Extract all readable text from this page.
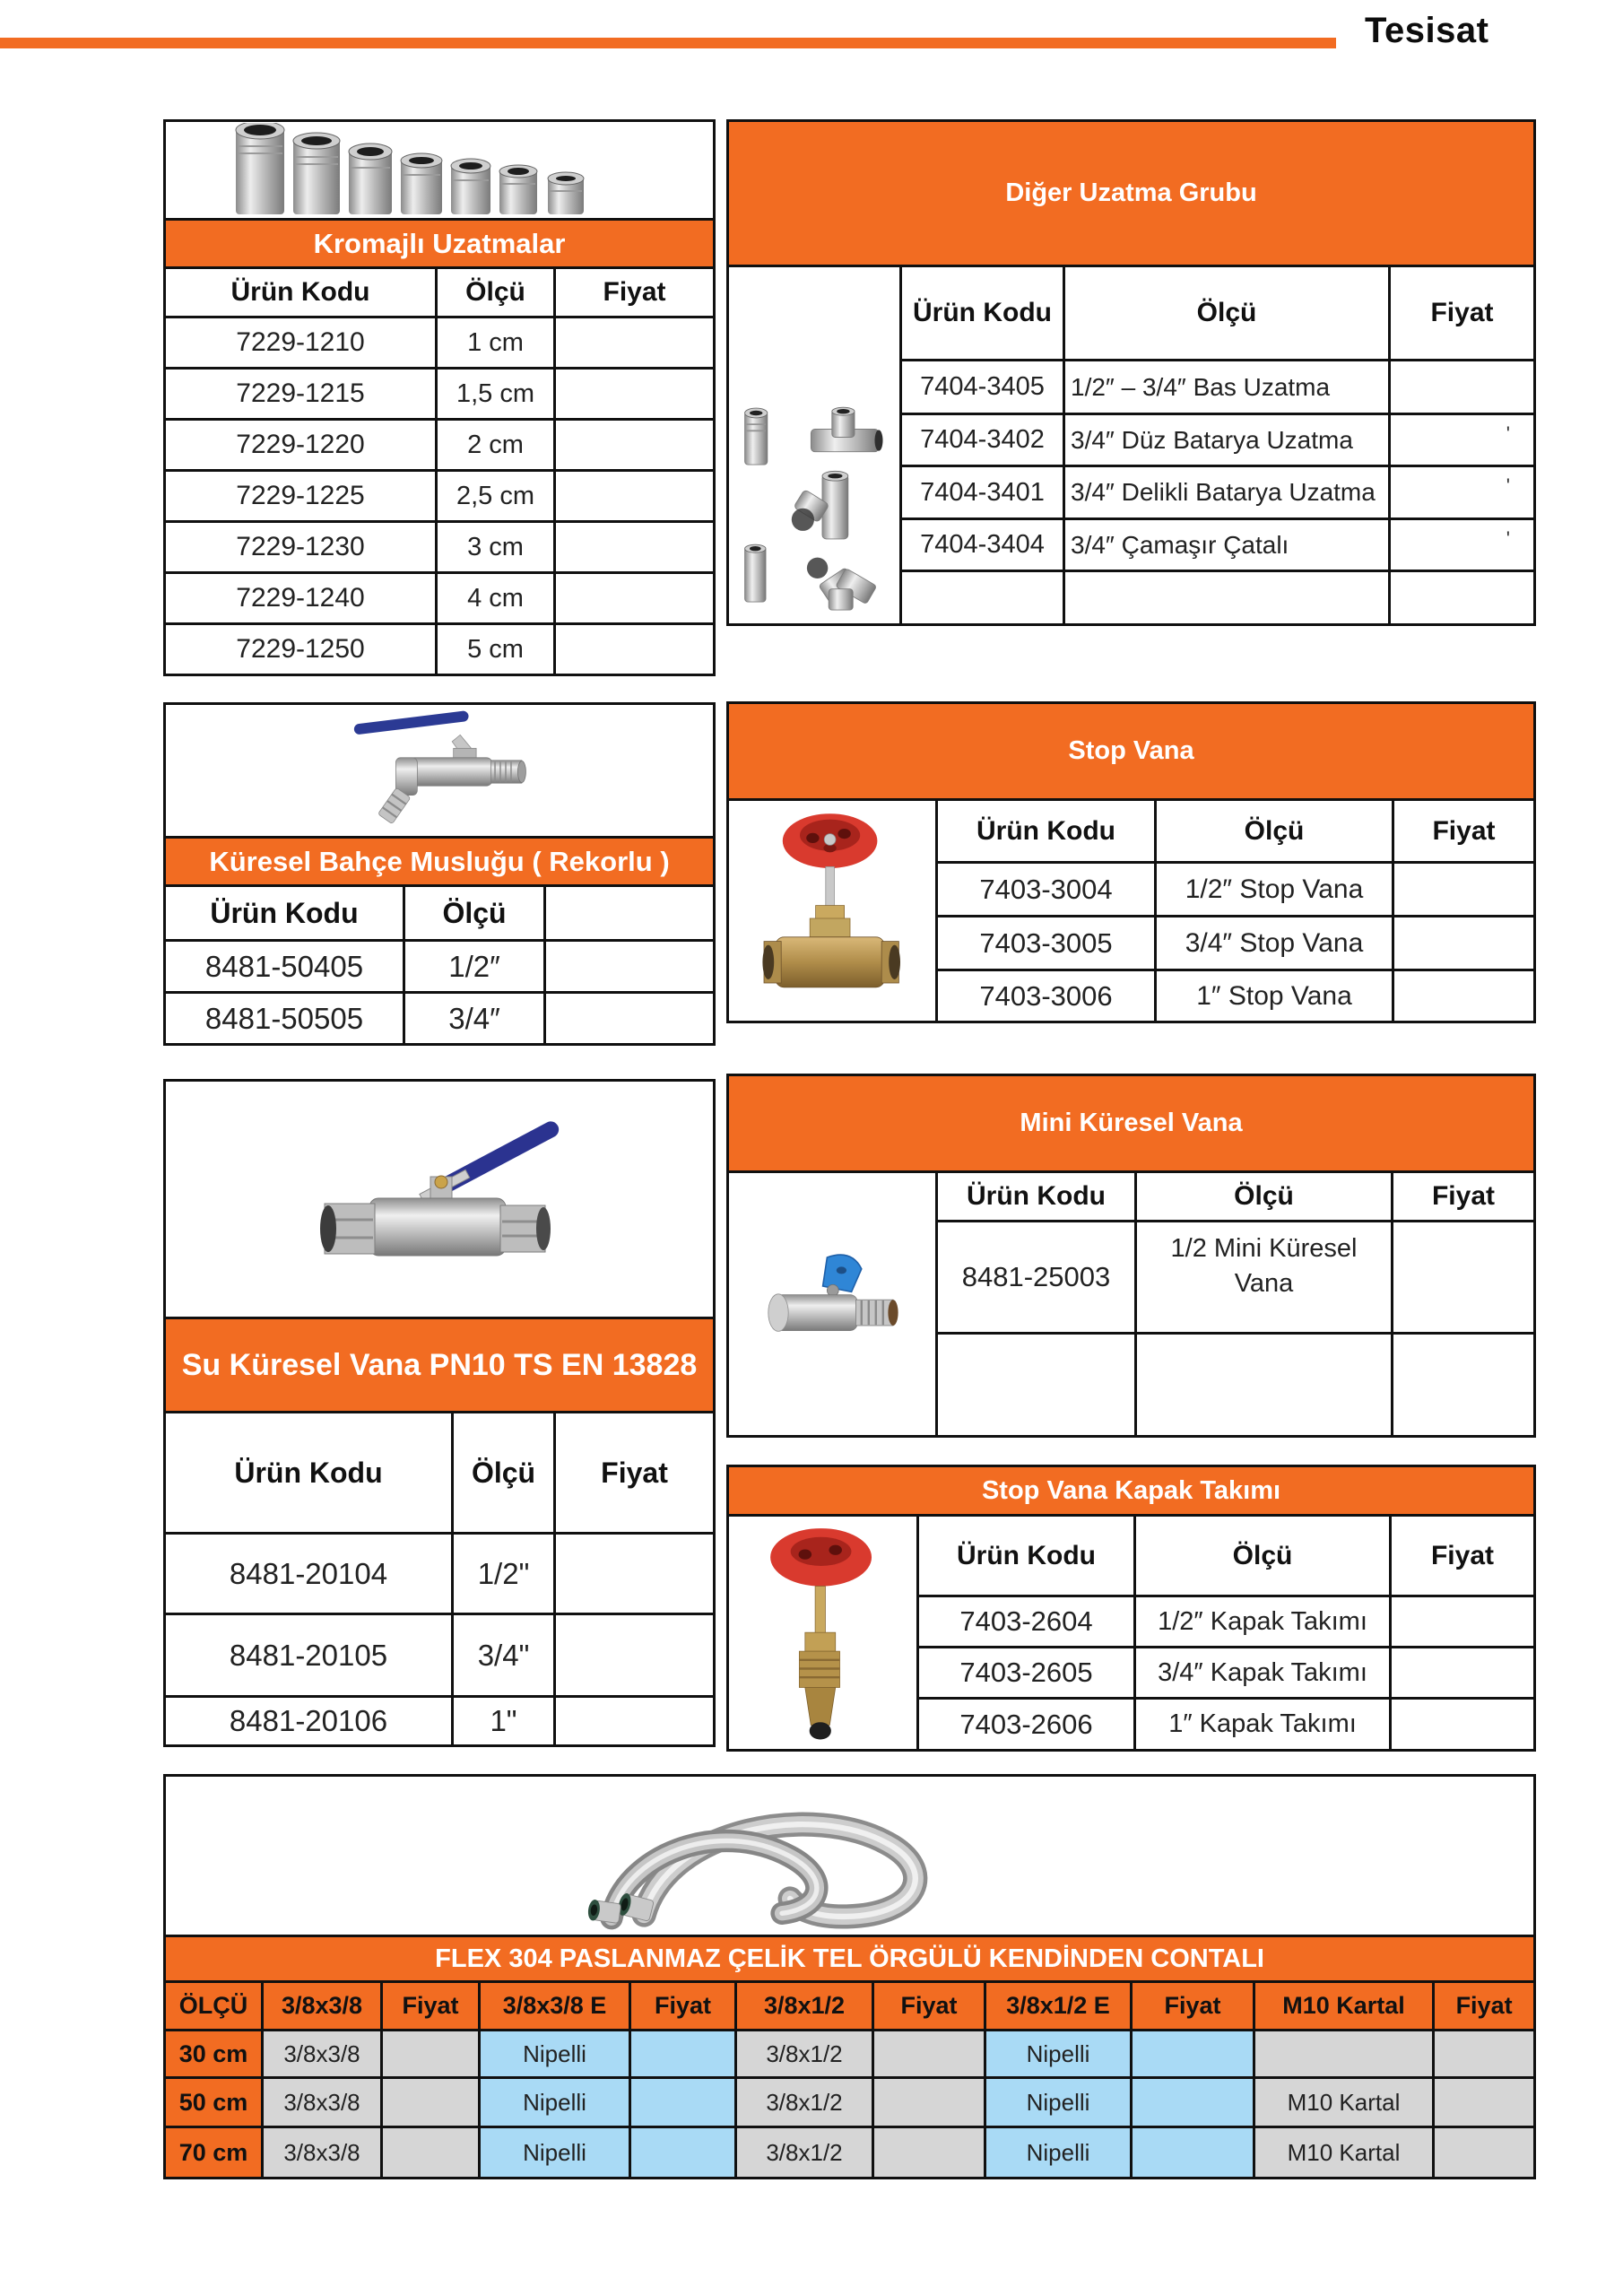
Tesisat

Kromajlı Uzatmalar		
Ürün Kodu	Ölçü	Fiyat
7229-1210	1 cm	
7229-1215	1,5 cm	
7229-1220	2 cm	
7229-1225	2,5 cm	
7229-1230	3 cm	
7229-1240	4 cm	
7229-1250	5 cm	

Küresel Bahçe Musluğu ( Rekorlu )		
Ürün Kodu	Ölçü	
8481-50405	1/2″	
8481-50505	3/4″	

Su Küresel Vana PN10 TS EN 13828		
Ürün Kodu	Ölçü	Fiyat
8481-20104	1/2"	
8481-20105	3/4"	
8481-20106	1"	
Diğer Uzatma Grubu			

	Ürün Kodu	Ölçü	Fiyat
	7404-3405	1/2″ – 3/4″ Bas Uzatma	
	7404-3402	3/4″ Düz Batarya Uzatma	'
	7404-3401	3/4″ Delikli Batarya Uzatma	'
	7404-3404	3/4″ Çamaşır Çatalı	'

Stop Vana			

	Ürün Kodu	Ölçü	Fiyat
	7403-3004	1/2″ Stop Vana	
	7403-3005	3/4″ Stop Vana	
	7403-3006	1″ Stop Vana	
Mini Küresel Vana			

	Ürün Kodu	Ölçü	Fiyat
	8481-25003	1/2 Mini Küresel Vana	

Stop Vana Kapak Takımı			

	Ürün Kodu	Ölçü	Fiyat
	7403-2604	1/2″ Kapak Takımı	
	7403-2605	3/4″ Kapak Takımı	
	7403-2606	1″ Kapak Takımı	

FLEX 304 PASLANMAZ ÇELİK TEL ÖRGÜLÜ KENDİNDEN CONTALI										
ÖLÇÜ	3/8x3/8	Fiyat	3/8x3/8 E	Fiyat	3/8x1/2	Fiyat	3/8x1/2 E	Fiyat	M10 Kartal	Fiyat
30 cm	3/8x3/8		Nipelli		3/8x1/2		Nipelli			
50 cm	3/8x3/8		Nipelli		3/8x1/2		Nipelli		M10 Kartal	
70 cm	3/8x3/8		Nipelli		3/8x1/2		Nipelli		M10 Kartal	
